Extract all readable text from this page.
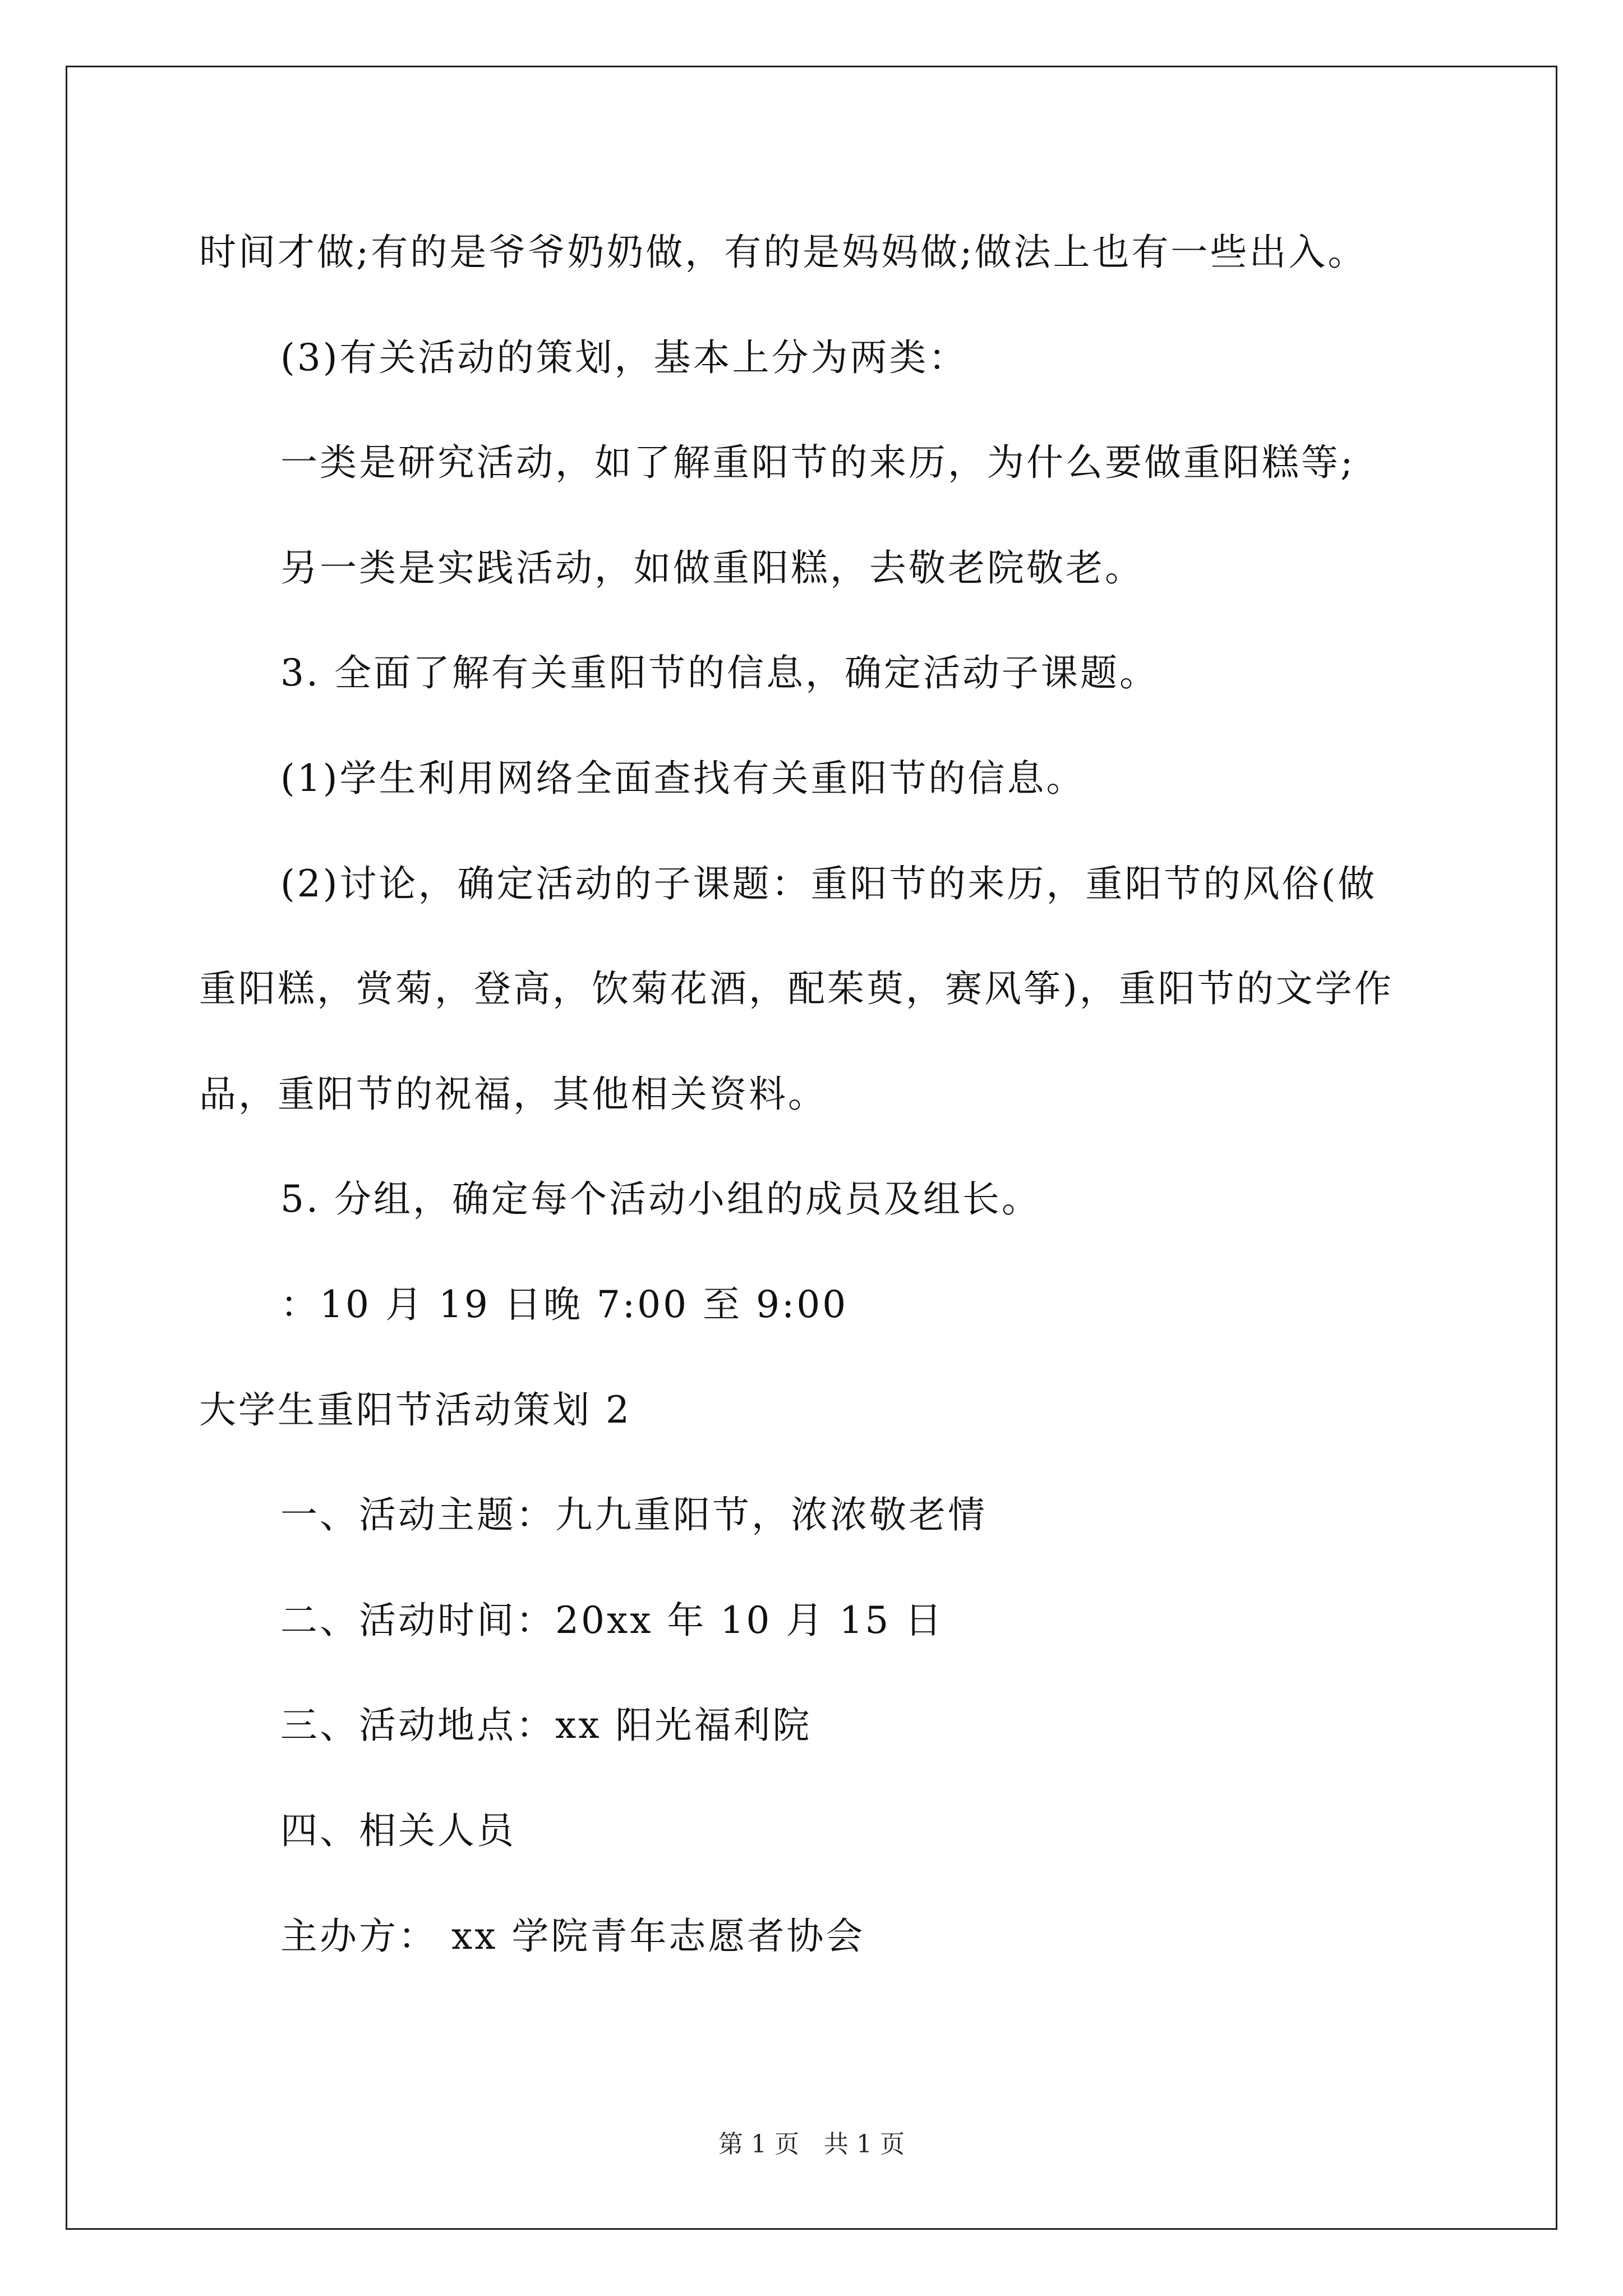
时间才做;有的是爷爷奶奶做，有的是妈妈做;做法上也有一些出入。
(3)有关活动的策划，基本上分为两类：
一类是研究活动，如了解重阳节的来历，为什么要做重阳糕等;
另一类是实践活动，如做重阳糕，去敬老院敬老。
3. 全面了解有关重阳节的信息，确定活动子课题。
(1)学生利用网络全面查找有关重阳节的信息。
(2)讨论，确定活动的子课题：重阳节的来历，重阳节的风俗(做
重阳糕，赏菊，登高，饮菊花酒，配茱萸，赛风筝)，重阳节的文学作
品，重阳节的祝福，其他相关资料。
5. 分组，确定每个活动小组的成员及组长。
：10 月 19 日晚 7:00 至 9:00
大学生重阳节活动策划 2
一、活动主题：九九重阳节，浓浓敬老情
二、活动时间：20xx 年 10 月 15 日
三、活动地点：xx 阳光福利院
四、相关人员
主办方： xx 学院青年志愿者协会
第 1 页　共 1 页
